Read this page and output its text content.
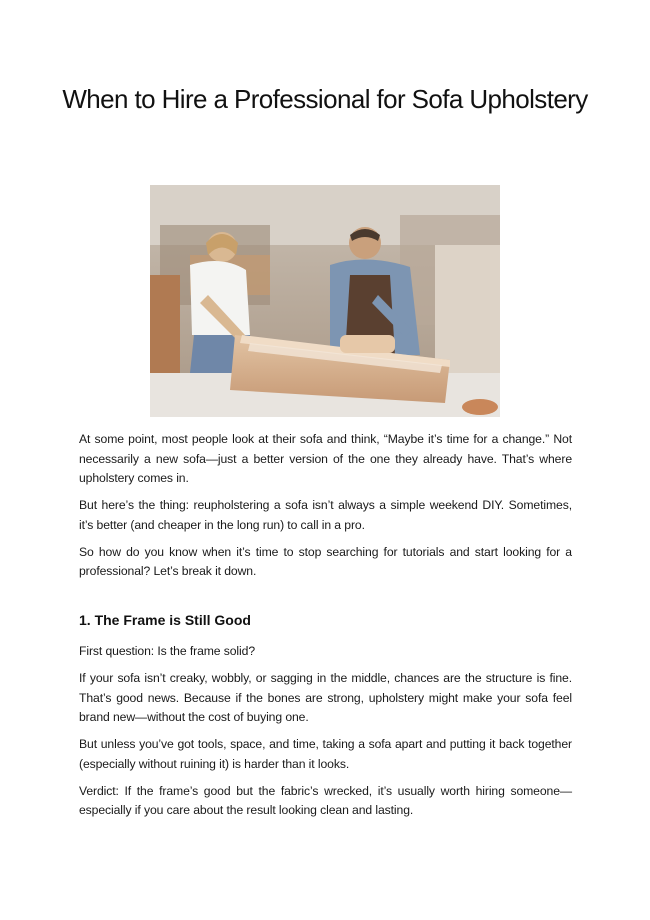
When to Hire a Professional for Sofa Upholstery

At some point, most people look at their sofa and think, “Maybe it’s time for a change.” Not necessarily a new sofa—just a better version of the one they already have. That’s where upholstery comes in.

But here’s the thing: reupholstering a sofa isn’t always a simple weekend DIY. Sometimes, it’s better (and cheaper in the long run) to call in a pro.

So how do you know when it’s time to stop searching for tutorials and start looking for a professional? Let’s break it down.

1. The Frame is Still Good

First question: Is the frame solid?

If your sofa isn’t creaky, wobbly, or sagging in the middle, chances are the structure is fine. That’s good news. Because if the bones are strong, upholstery might make your sofa feel brand new—without the cost of buying one.

But unless you’ve got tools, space, and time, taking a sofa apart and putting it back together (especially without ruining it) is harder than it looks.

Verdict: If the frame’s good but the fabric’s wrecked, it’s usually worth hiring someone—especially if you care about the result looking clean and lasting.
